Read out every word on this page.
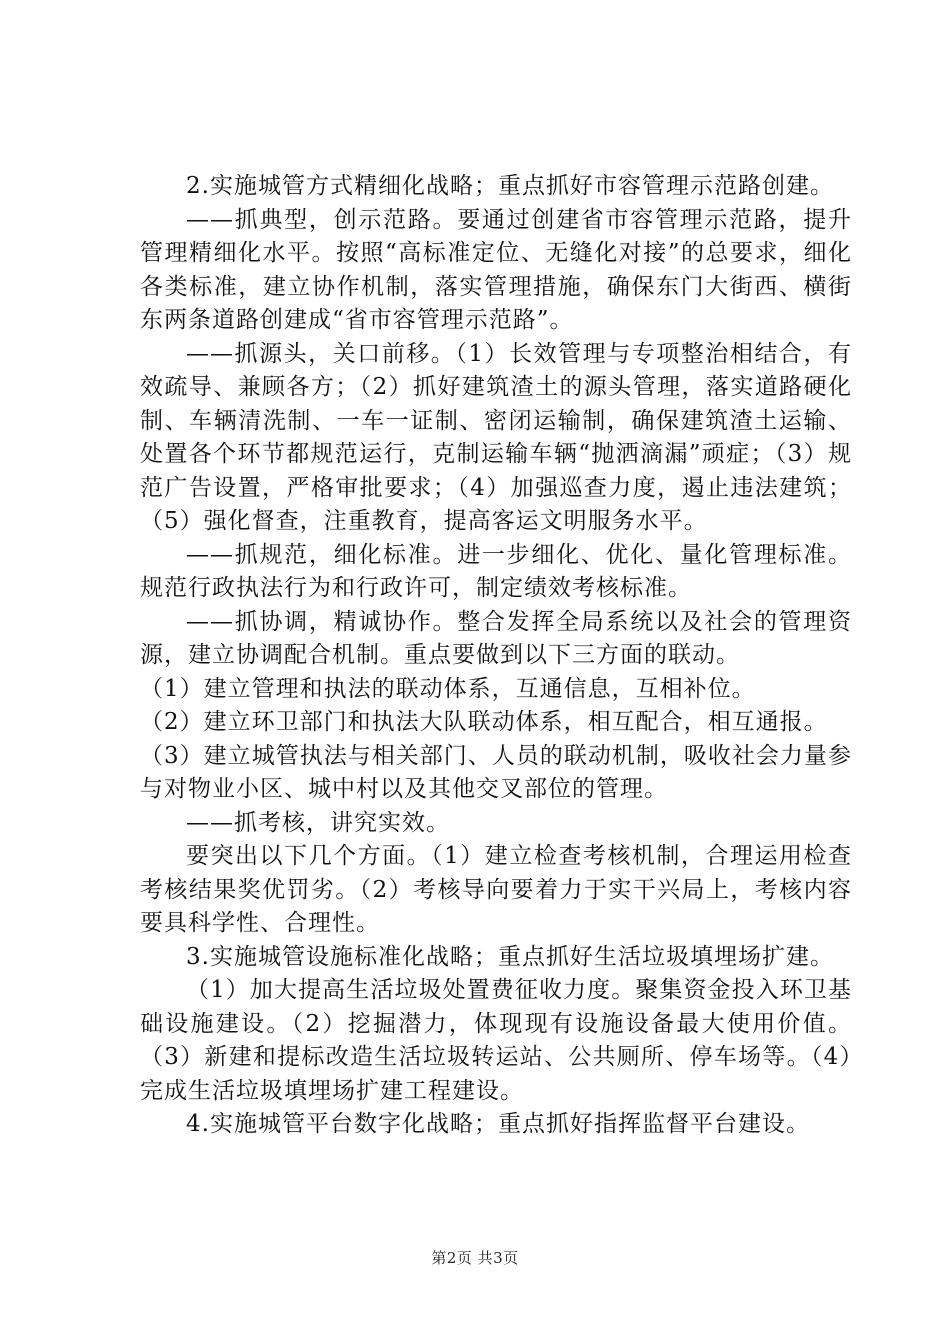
2.实施城管方式精细化战略；重点抓好市容管理示范路创建。

——抓典型，创示范路。要通过创建省市容管理示范路，提升管理精细化水平。按照“高标准定位、无缝化对接”的总要求，细化各类标准，建立协作机制，落实管理措施，确保东门大街西、横街东两条道路创建成“省市容管理示范路”。

——抓源头，关口前移。（1）长效管理与专项整治相结合，有效疏导、兼顾各方；（2）抓好建筑渣土的源头管理，落实道路硬化制、车辆清洗制、一车一证制、密闭运输制，确保建筑渣土运输、处置各个环节都规范运行，克制运输车辆“抛洒滴漏”顽症；（3）规范广告设置，严格审批要求；（4）加强巡查力度，遏止违法建筑；（5）强化督查，注重教育，提高客运文明服务水平。

——抓规范，细化标准。进一步细化、优化、量化管理标准。规范行政执法行为和行政许可，制定绩效考核标准。

——抓协调，精诚协作。整合发挥全局系统以及社会的管理资源，建立协调配合机制。重点要做到以下三方面的联动。

（1）建立管理和执法的联动体系，互通信息，互相补位。

（2）建立环卫部门和执法大队联动体系，相互配合，相互通报。

（3）建立城管执法与相关部门、人员的联动机制，吸收社会力量参与对物业小区、城中村以及其他交叉部位的管理。

——抓考核，讲究实效。

要突出以下几个方面。（1）建立检查考核机制，合理运用检查考核结果奖优罚劣。（2）考核导向要着力于实干兴局上，考核内容要具科学性、合理性。

3.实施城管设施标准化战略；重点抓好生活垃圾填埋场扩建。

（1）加大提高生活垃圾处置费征收力度。聚集资金投入环卫基础设施建设。（2）挖掘潜力，体现现有设施设备最大使用价值。（3）新建和提标改造生活垃圾转运站、公共厕所、停车场等。（4）完成生活垃圾填埋场扩建工程建设。

4.实施城管平台数字化战略；重点抓好指挥监督平台建设。

第2页 共3页
